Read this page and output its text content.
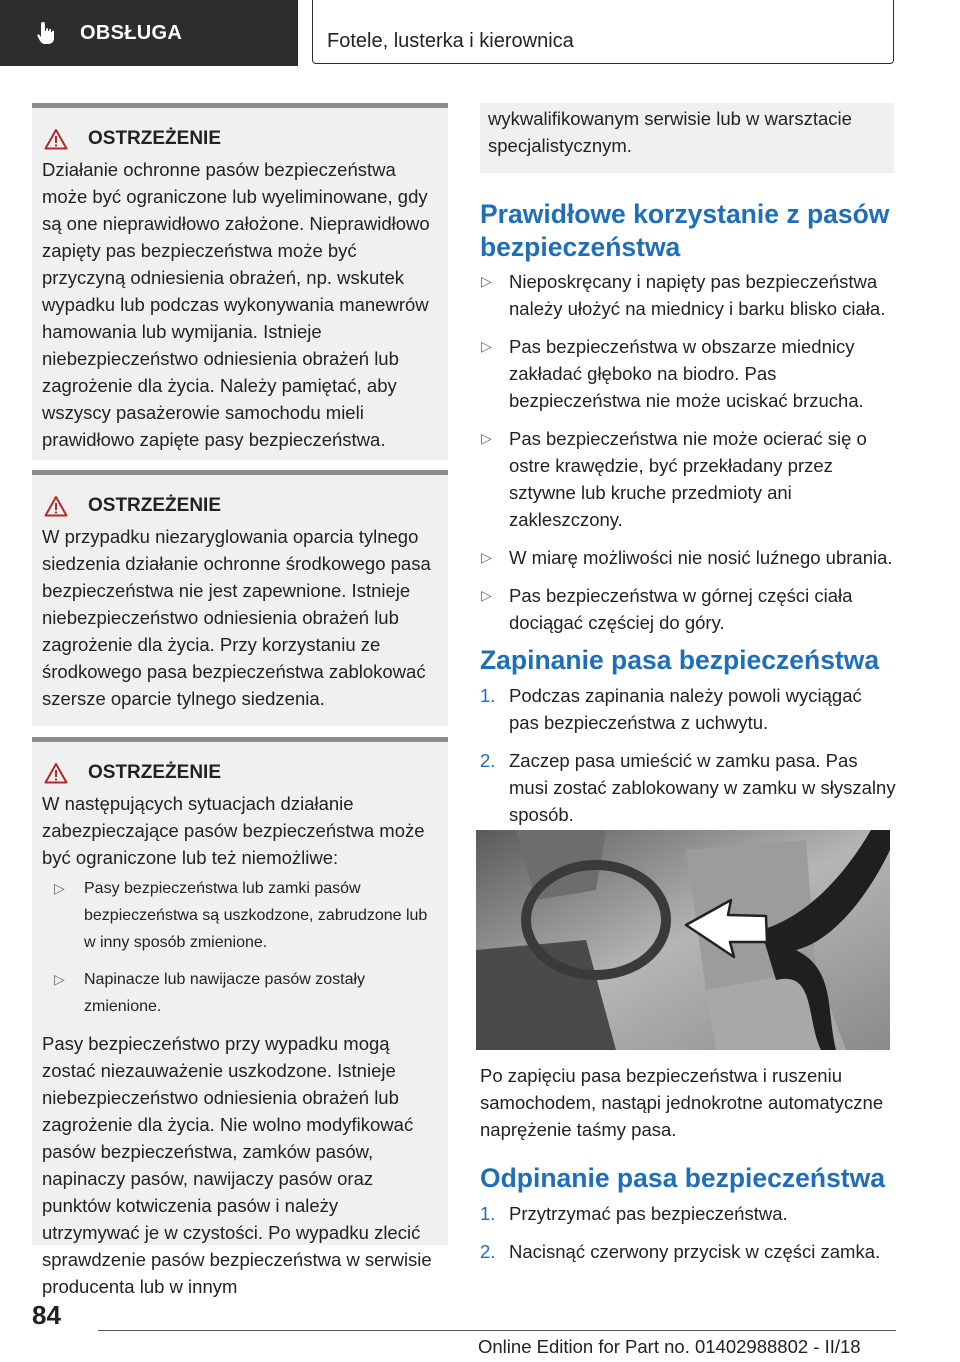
OBSŁUGA	Fotele, lusterka i kierownica
OSTRZEŻENIE

Działanie ochronne pasów bezpieczeństwa może być ograniczone lub wyeliminowane, gdy są one nieprawidłowo założone. Nieprawidłowo zapięty pas bezpieczeństwa może być przyczyną odniesienia obrażeń, np. wskutek wypadku lub podczas wykonywania manewrów hamowania lub wymijania. Istnieje niebezpieczeństwo odniesienia obrażeń lub zagrożenie dla życia. Należy pamiętać, aby wszyscy pasażerowie samochodu mieli prawidłowo zapięte pasy bezpieczeństwa.

OSTRZEŻENIE

W przypadku niezaryglowania oparcia tylnego siedzenia działanie ochronne środkowego pasa bezpieczeństwa nie jest zapewnione. Istnieje niebezpieczeństwo odniesienia obrażeń lub zagrożenie dla życia. Przy korzystaniu ze środkowego pasa bezpieczeństwa zablokować szersze oparcie tylnego siedzenia.

OSTRZEŻENIE

W następujących sytuacjach działanie zabezpieczające pasów bezpieczeństwa może być ograniczone lub też niemożliwe:

▷ Pasy bezpieczeństwa lub zamki pasów bezpieczeństwa są uszkodzone, zabrudzone lub w inny sposób zmienione.
▷ Napinacze lub nawijacze pasów zostały zmienione.

Pasy bezpieczeństwo przy wypadku mogą zostać niezauważenie uszkodzone. Istnieje niebezpieczeństwo odniesienia obrażeń lub zagrożenie dla życia. Nie wolno modyfikować pasów bezpieczeństwa, zamków pasów, napinaczy pasów, nawijaczy pasów oraz punktów kotwiczenia pasów i należy utrzymywać je w czystości. Po wypadku zlecić sprawdzenie pasów bezpieczeństwa w serwisie producenta lub w innym

wykwalifikowanym serwisie lub w warsztacie specjalistycznym.
Prawidłowe korzystanie z pasów bezpieczeństwa
▷ Nieposkręcany i napięty pas bezpieczeństwa należy ułożyć na miednicy i barku blisko ciała.
▷ Pas bezpieczeństwa w obszarze miednicy zakładać głęboko na biodro. Pas bezpieczeństwa nie może uciskać brzucha.
▷ Pas bezpieczeństwa nie może ocierać się o ostre krawędzie, być przekładany przez sztywne lub kruche przedmioty ani zakleszczony.
▷ W miarę możliwości nie nosić luźnego ubrania.
▷ Pas bezpieczeństwa w górnej części ciała dociągać częściej do góry.
Zapinanie pasa bezpieczeństwa
1. Podczas zapinania należy powoli wyciągać pas bezpieczeństwa z uchwytu.
2. Zaczep pasa umieścić w zamku pasa. Pas musi zostać zablokowany w zamku w słyszalny sposób.

Po zapięciu pasa bezpieczeństwa i ruszeniu samochodem, nastąpi jednokrotne automatyczne naprężenie taśmy pasa.

Odpinanie pasa bezpieczeństwa
1. Przytrzymać pas bezpieczeństwa.
2. Nacisnąć czerwony przycisk w części zamka.
84
Online Edition for Part no. 01402988802 - II/18
